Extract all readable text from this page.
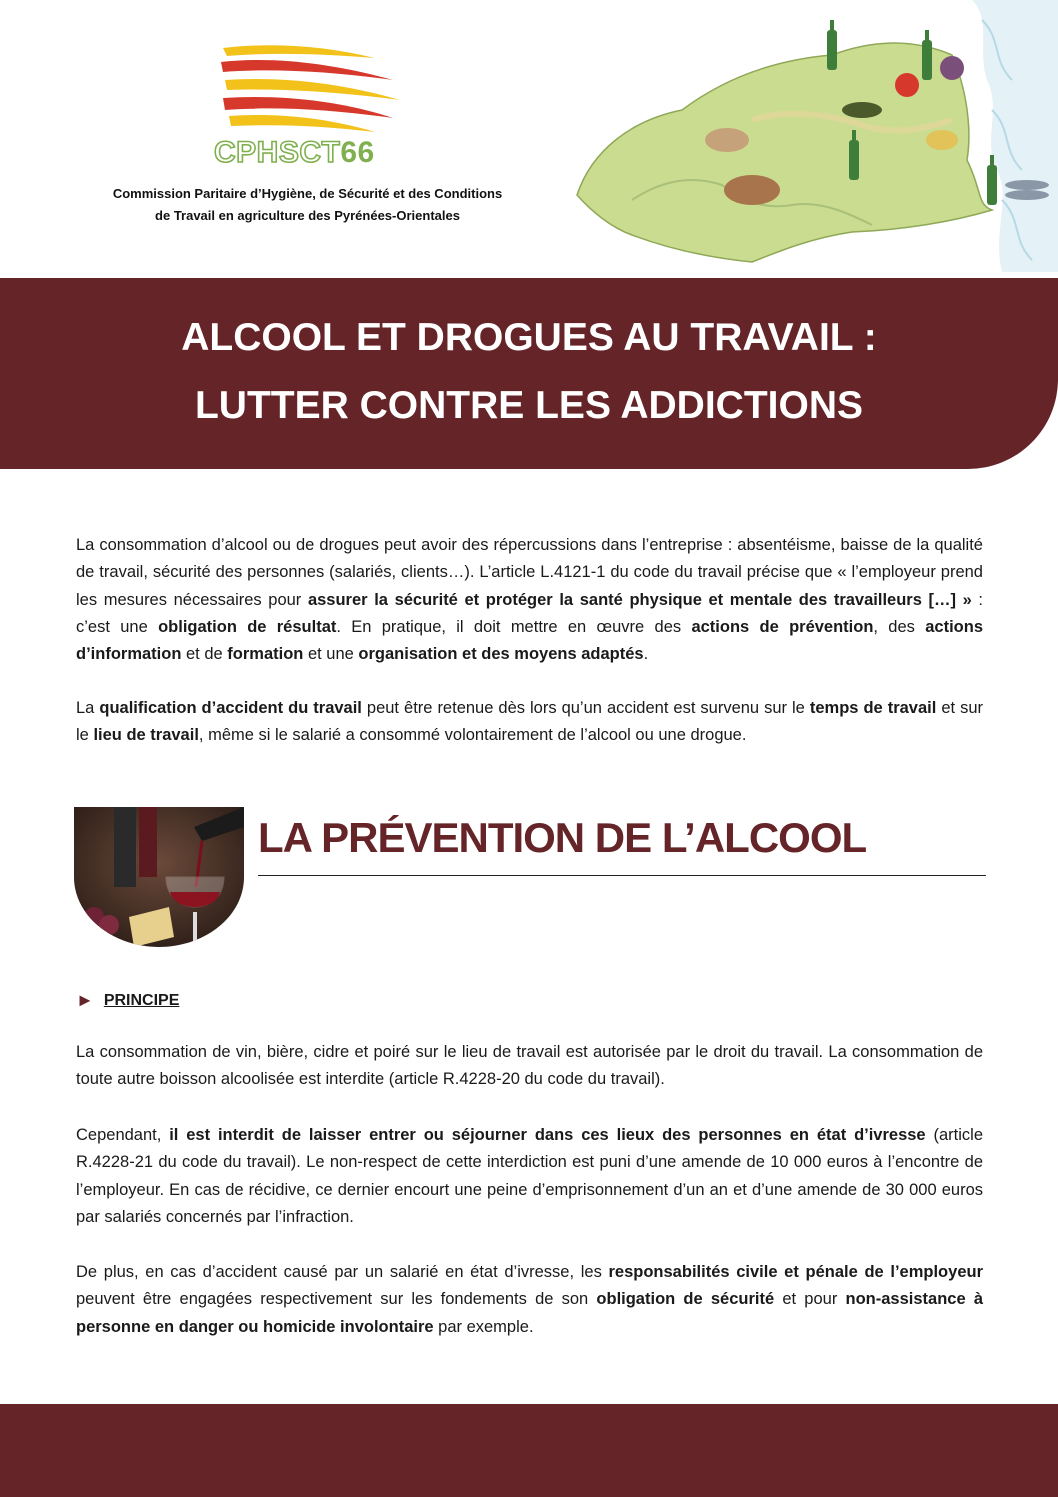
CPHSCT66
Commission Paritaire d’Hygiène, de Sécurité et des Conditions
de Travail en agriculture des Pyrénées-Orientales
ALCOOL ET DROGUES AU TRAVAIL :
LUTTER CONTRE LES ADDICTIONS

La consommation d’alcool ou de drogues peut avoir des répercussions dans l’entreprise : absentéisme, baisse de la qualité de travail, sécurité des personnes (salariés, clients…). L’article L.4121-1 du code du travail précise que « l’employeur prend les mesures nécessaires pour assurer la sécurité et protéger la santé physique et mentale des travailleurs […] » : c’est une obligation de résultat. En pratique, il doit mettre en œuvre des actions de prévention, des actions d’information et de formation et une organisation et des moyens adaptés.

La qualification d’accident du travail peut être retenue dès lors qu’un accident est survenu sur le temps de travail et sur le lieu de travail, même si le salarié a consommé volontairement de l’alcool ou une drogue.

LA PRÉVENTION DE L’ALCOOL
► PRINCIPE

La consommation de vin, bière, cidre et poiré sur le lieu de travail est autorisée par le droit du travail. La consommation de toute autre boisson alcoolisée est interdite (article R.4228-20 du code du travail).

Cependant, il est interdit de laisser entrer ou séjourner dans ces lieux des personnes en état d’ivresse (article R.4228-21 du code du travail). Le non-respect de cette interdiction est puni d’une amende de 10 000 euros à l’encontre de l’employeur. En cas de récidive, ce dernier encourt une peine d’emprisonnement d’un an et d’une amende de 30 000 euros par salariés concernés par l’infraction.

De plus, en cas d’accident causé par un salarié en état d’ivresse, les responsabilités civile et pénale de l’employeur peuvent être engagées respectivement sur les fondements de son obligation de sécurité et pour non-assistance à personne en danger ou homicide involontaire par exemple.
